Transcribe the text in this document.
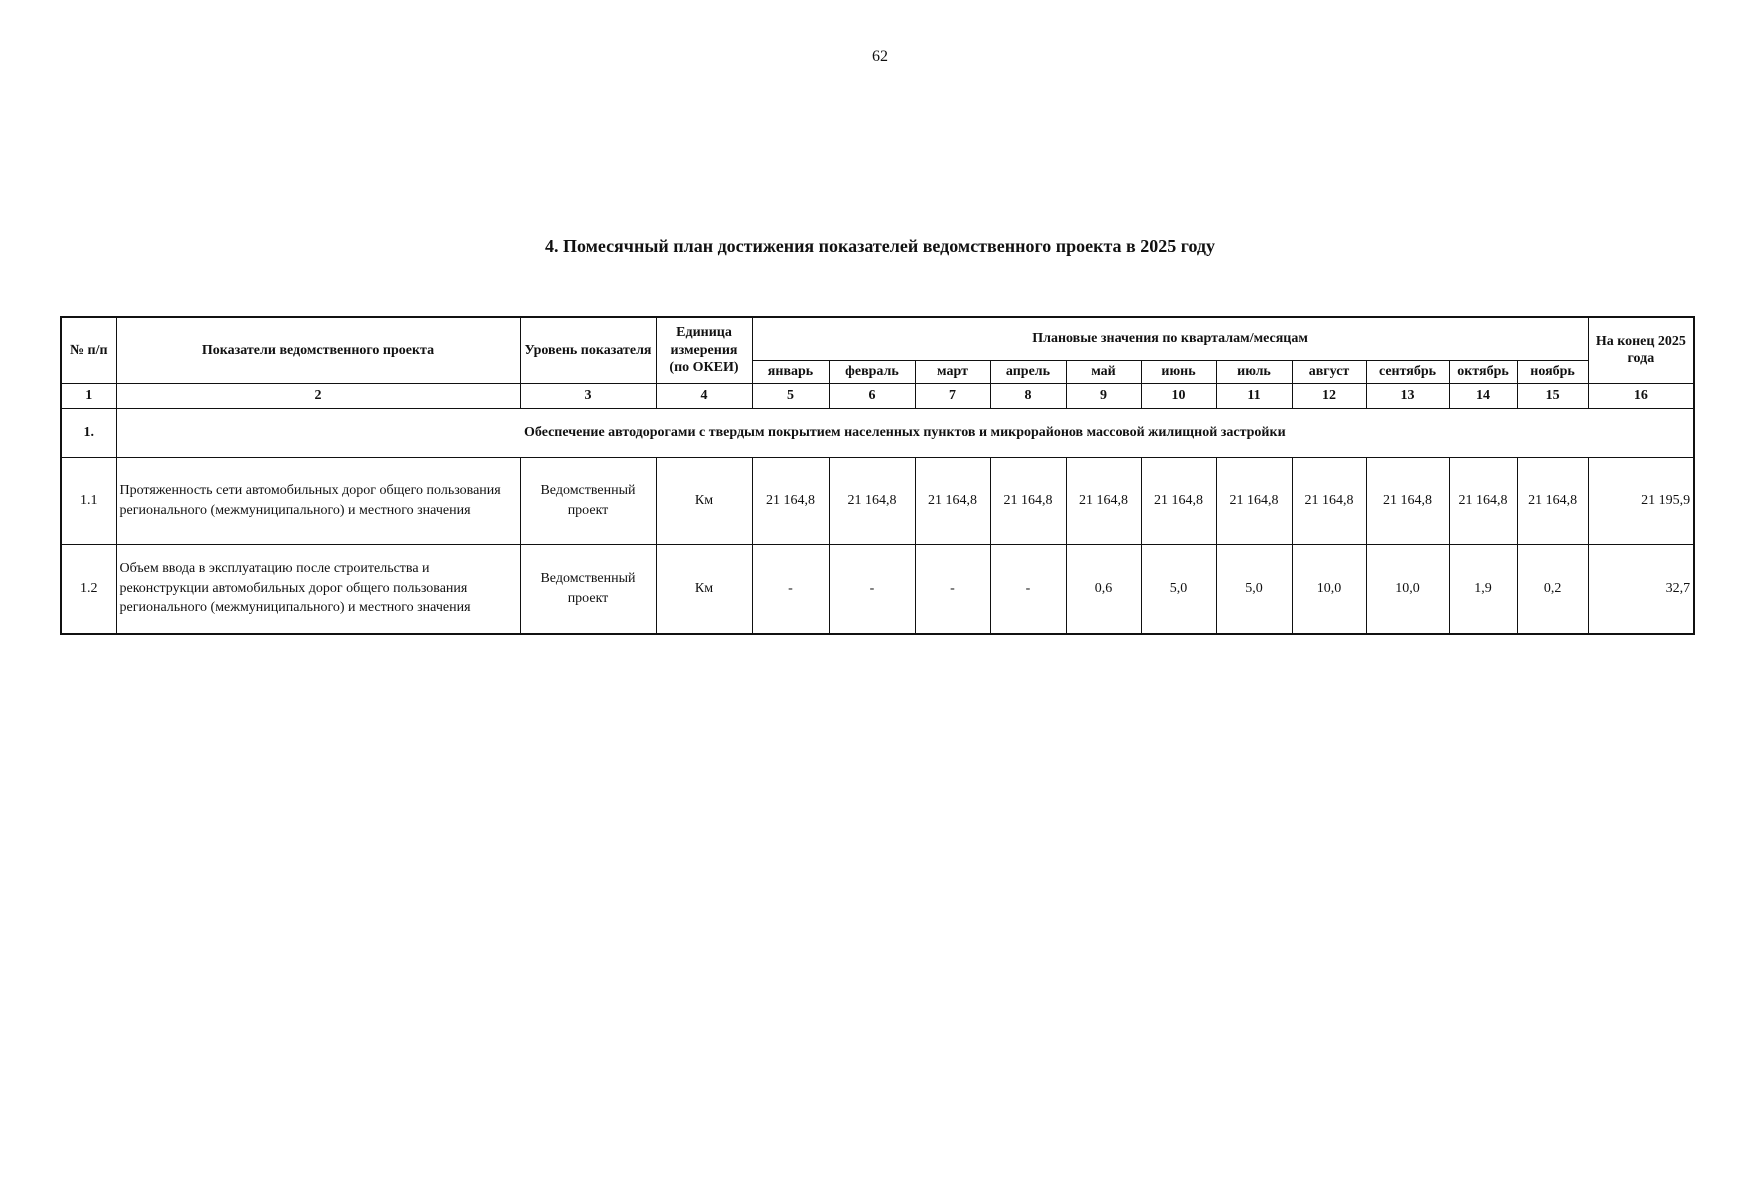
62
4. Помесячный план достижения показателей ведомственного проекта в 2025 году
№ п/п	Показатели ведомственного проекта	Уровень показателя	Единица измерения (по ОКЕИ)	Плановые значения по кварталам/месяцам											На конец 2025 года
				январь	февраль	март	апрель	май	июнь	июль	август	сентябрь	октябрь	ноябрь	
1	2	3	4	5	6	7	8	9	10	11	12	13	14	15	16
1.	Обеспечение автодорогами с твердым покрытием населенных пунктов и микрорайонов массовой жилищной застройки														
1.1	Протяженность сети автомобильных дорог общего пользования регионального (межмуниципального) и местного значения	Ведомственный проект	Км	21 164,8	21 164,8	21 164,8	21 164,8	21 164,8	21 164,8	21 164,8	21 164,8	21 164,8	21 164,8	21 164,8	21 195,9
1.2	Объем ввода в эксплуатацию после строительства и реконструкции автомобильных дорог общего пользования регионального (межмуниципального) и местного значения	Ведомственный проект	Км	-	-	-	-	0,6	5,0	5,0	10,0	10,0	1,9	0,2	32,7
